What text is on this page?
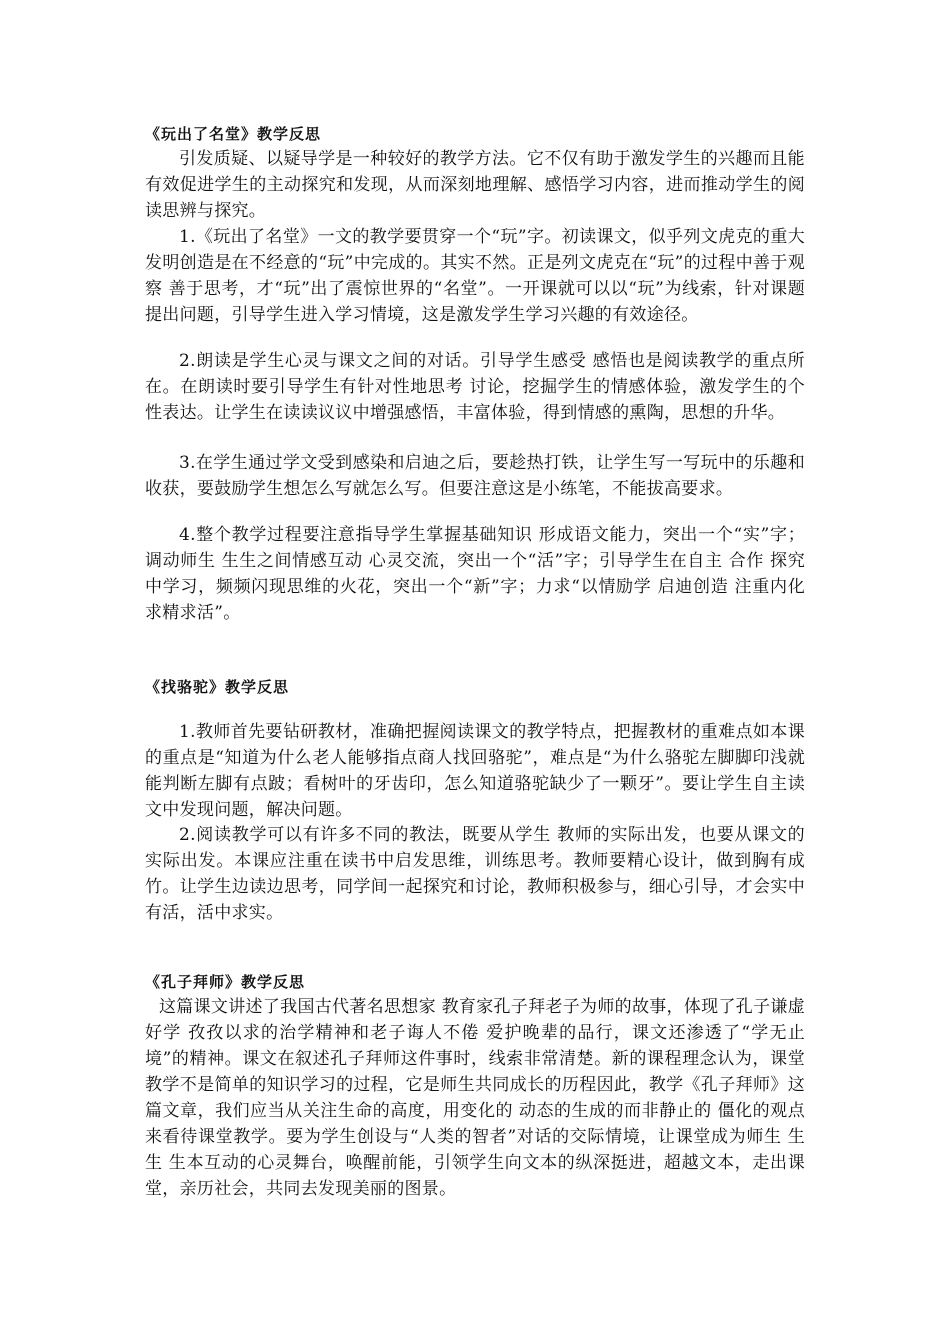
《玩出了名堂》教学反思
引发质疑、以疑导学是一种较好的教学方法。它不仅有助于激发学生的兴趣而且能有效促进学生的主动探究和发现，从而深刻地理解、感悟学习内容，进而推动学生的阅读思辨与探究。
1.《玩出了名堂》一文的教学要贯穿一个“玩”字。初读课文，似乎列文虎克的重大发明创造是在不经意的“玩”中完成的。其实不然。正是列文虎克在“玩”的过程中善于观察 善于思考，才“玩”出了震惊世界的“名堂”。一开课就可以以“玩”为线索，针对课题提出问题，引导学生进入学习情境，这是激发学生学习兴趣的有效途径。
2.朗读是学生心灵与课文之间的对话。引导学生感受 感悟也是阅读教学的重点所在。在朗读时要引导学生有针对性地思考 讨论，挖掘学生的情感体验，激发学生的个性表达。让学生在读读议议中增强感悟，丰富体验，得到情感的熏陶，思想的升华。
3.在学生通过学文受到感染和启迪之后，要趁热打铁，让学生写一写玩中的乐趣和收获，要鼓励学生想怎么写就怎么写。但要注意这是小练笔，不能拔高要求。
4.整个教学过程要注意指导学生掌握基础知识 形成语文能力，突出一个“实”字；调动师生 生生之间情感互动 心灵交流，突出一个“活”字；引导学生在自主 合作 探究中学习，频频闪现思维的火花，突出一个“新”字；力求“以情励学 启迪创造 注重内化 求精求活”。
《找骆驼》教学反思
1.教师首先要钻研教材，准确把握阅读课文的教学特点，把握教材的重难点如本课的重点是“知道为什么老人能够指点商人找回骆驼”，难点是“为什么骆驼左脚脚印浅就能判断左脚有点跛；看树叶的牙齿印，怎么知道骆驼缺少了一颗牙”。要让学生自主读文中发现问题，解决问题。
2.阅读教学可以有许多不同的教法，既要从学生 教师的实际出发，也要从课文的实际出发。本课应注重在读书中启发思维，训练思考。教师要精心设计，做到胸有成竹。让学生边读边思考，同学间一起探究和讨论，教师积极参与，细心引导，才会实中有活，活中求实。
《孔子拜师》教学反思
这篇课文讲述了我国古代著名思想家 教育家孔子拜老子为师的故事，体现了孔子谦虚好学 孜孜以求的治学精神和老子诲人不倦 爱护晚辈的品行，课文还渗透了“学无止境”的精神。课文在叙述孔子拜师这件事时，线索非常清楚。新的课程理念认为，课堂教学不是简单的知识学习的过程，它是师生共同成长的历程因此，教学《孔子拜师》这篇文章，我们应当从关注生命的高度，用变化的 动态的生成的而非静止的 僵化的观点来看待课堂教学。要为学生创设与“人类的智者”对话的交际情境，让课堂成为师生 生生 生本互动的心灵舞台，唤醒前能，引领学生向文本的纵深挺进，超越文本，走出课堂，亲历社会，共同去发现美丽的图景。
